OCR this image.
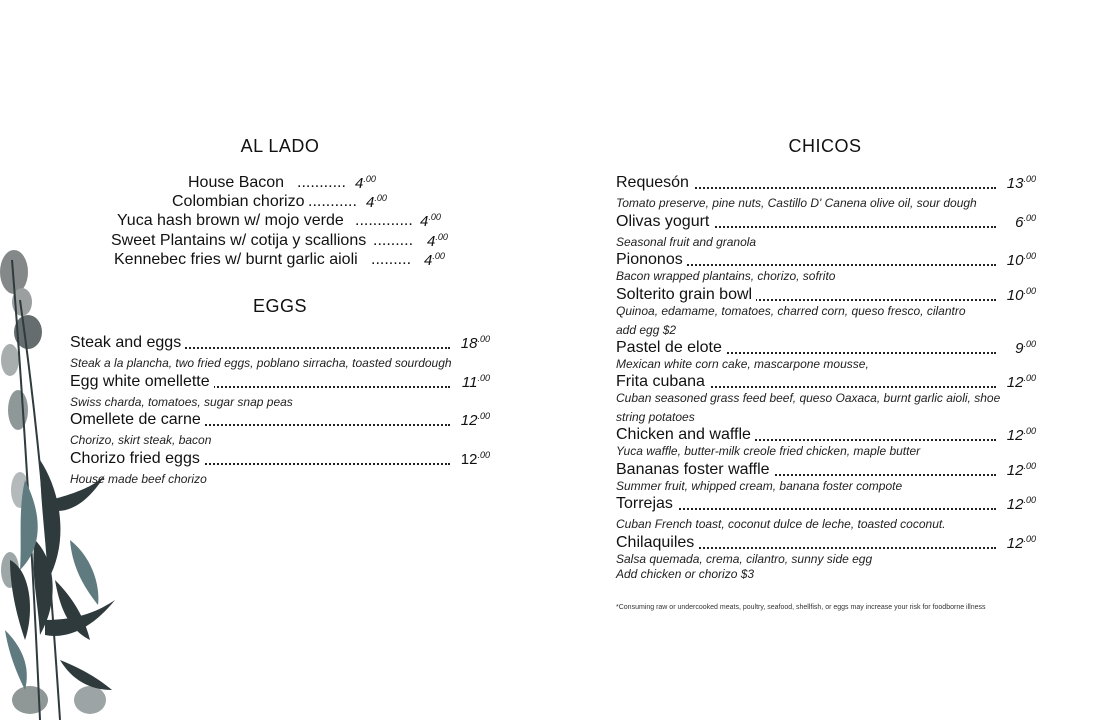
AL LADO
House Bacon ........... $4^{.00}$
Colombian chorizo ........... $4^{.00}$
Yuca hash brown w/ mojo verde ............. $4^{.00}$
Sweet Plantains w/ cotija y scallions ......... $4^{.00}$
Kennebec fries w/ burnt garlic aioli ......... $4^{.00}$
EGGS
Steak and eggs	$18^{.00}$
Steak a la plancha, two fried eggs, poblano sirracha, toasted sourdough
Egg white omellette	$11^{.00}$
Swiss charda, tomatoes, sugar snap peas
Omellete de carne	$12^{.00}$
Chorizo, skirt steak, bacon
Chorizo fried eggs	$12^{.00}$
House made beef chorizo
CHICOS
Requesón	$13^{.00}$
Tomato preserve, pine nuts, Castillo D' Canena olive oil, sour dough
Olivas yogurt	$6^{.00}$
Seasonal fruit and granola
Piononos	$10^{.00}$
Bacon wrapped plantains, chorizo, sofrito
Solterito grain bowl	$10^{.00}$
Quinoa, edamame, tomatoes, charred corn, queso fresco, cilantro
add egg $2
Pastel de elote	$9^{.00}$
Mexican white corn cake, mascarpone mousse,
Frita cubana	$12^{.00}$
Cuban seasoned grass feed beef, queso Oaxaca, burnt garlic aioli, shoe
string potatoes
Chicken and waffle	$12^{.00}$
Yuca waffle, butter-milk creole fried chicken, maple butter
Bananas foster waffle	$12^{.00}$
Summer fruit, whipped cream, banana foster compote
Torrejas	$12^{.00}$
Cuban French toast, coconut dulce de leche, toasted coconut.
Chilaquiles	$12^{.00}$
Salsa quemada, crema, cilantro, sunny side egg
Add chicken or chorizo $3
*Consuming raw or undercooked meats, poultry, seafood, shellfish, or eggs may increase your risk for foodborne illness
